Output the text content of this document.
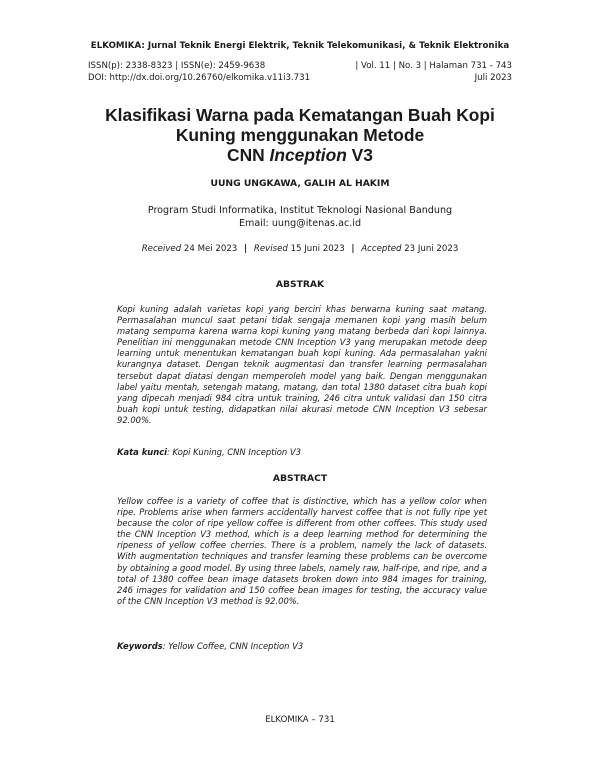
ELKOMIKA: Jurnal Teknik Energi Elektrik, Teknik Telekomunikasi, & Teknik Elektronika
ISSN(p): 2338-8323 | ISSN(e): 2459-9638	| Vol. 11 | No. 3 | Halaman 731 - 743
DOI: http://dx.doi.org/10.26760/elkomika.v11i3.731	Juli 2023
Klasifikasi Warna pada Kematangan Buah Kopi
Kuning menggunakan Metode
CNN Inception V3
UUNG UNGKAWA, GALIH AL HAKIM
Program Studi Informatika, Institut Teknologi Nasional Bandung
Email: uung@itenas.ac.id
Received 24 Mei 2023 | Revised 15 Juni 2023 | Accepted 23 Juni 2023
ABSTRAK
Kopi kuning adalah varietas kopi yang berciri khas berwarna kuning saat matang. Permasalahan muncul saat petani tidak sengaja memanen kopi yang masih belum matang sempurna karena warna kopi kuning yang matang berbeda dari kopi lainnya. Penelitian ini menggunakan metode CNN Inception V3 yang merupakan metode deep learning untuk menentukan kematangan buah kopi kuning. Ada permasalahan yakni kurangnya dataset. Dengan teknik augmentasi dan transfer learning permasalahan tersebut dapat diatasi dengan memperoleh model yang baik. Dengan menggunakan label yaitu mentah, setengah matang, matang, dan total 1380 dataset citra buah kopi yang dipecah menjadi 984 citra untuk training, 246 citra untuk validasi dan 150 citra buah kopi untuk testing, didapatkan nilai akurasi metode CNN Inception V3 sebesar 92.00%.
Kata kunci: Kopi Kuning, CNN Inception V3
ABSTRACT
Yellow coffee is a variety of coffee that is distinctive, which has a yellow color when ripe. Problems arise when farmers accidentally harvest coffee that is not fully ripe yet because the color of ripe yellow coffee is different from other coffees. This study used the CNN Inception V3 method, which is a deep learning method for determining the ripeness of yellow coffee cherries. There is a problem, namely the lack of datasets. With augmentation techniques and transfer learning these problems can be overcome by obtaining a good model. By using three labels, namely raw, half-ripe, and ripe, and a total of 1380 coffee bean image datasets broken down into 984 images for training, 246 images for validation and 150 coffee bean images for testing, the accuracy value of the CNN Inception V3 method is 92.00%.
Keywords: Yellow Coffee, CNN Inception V3
ELKOMIKA – 731
